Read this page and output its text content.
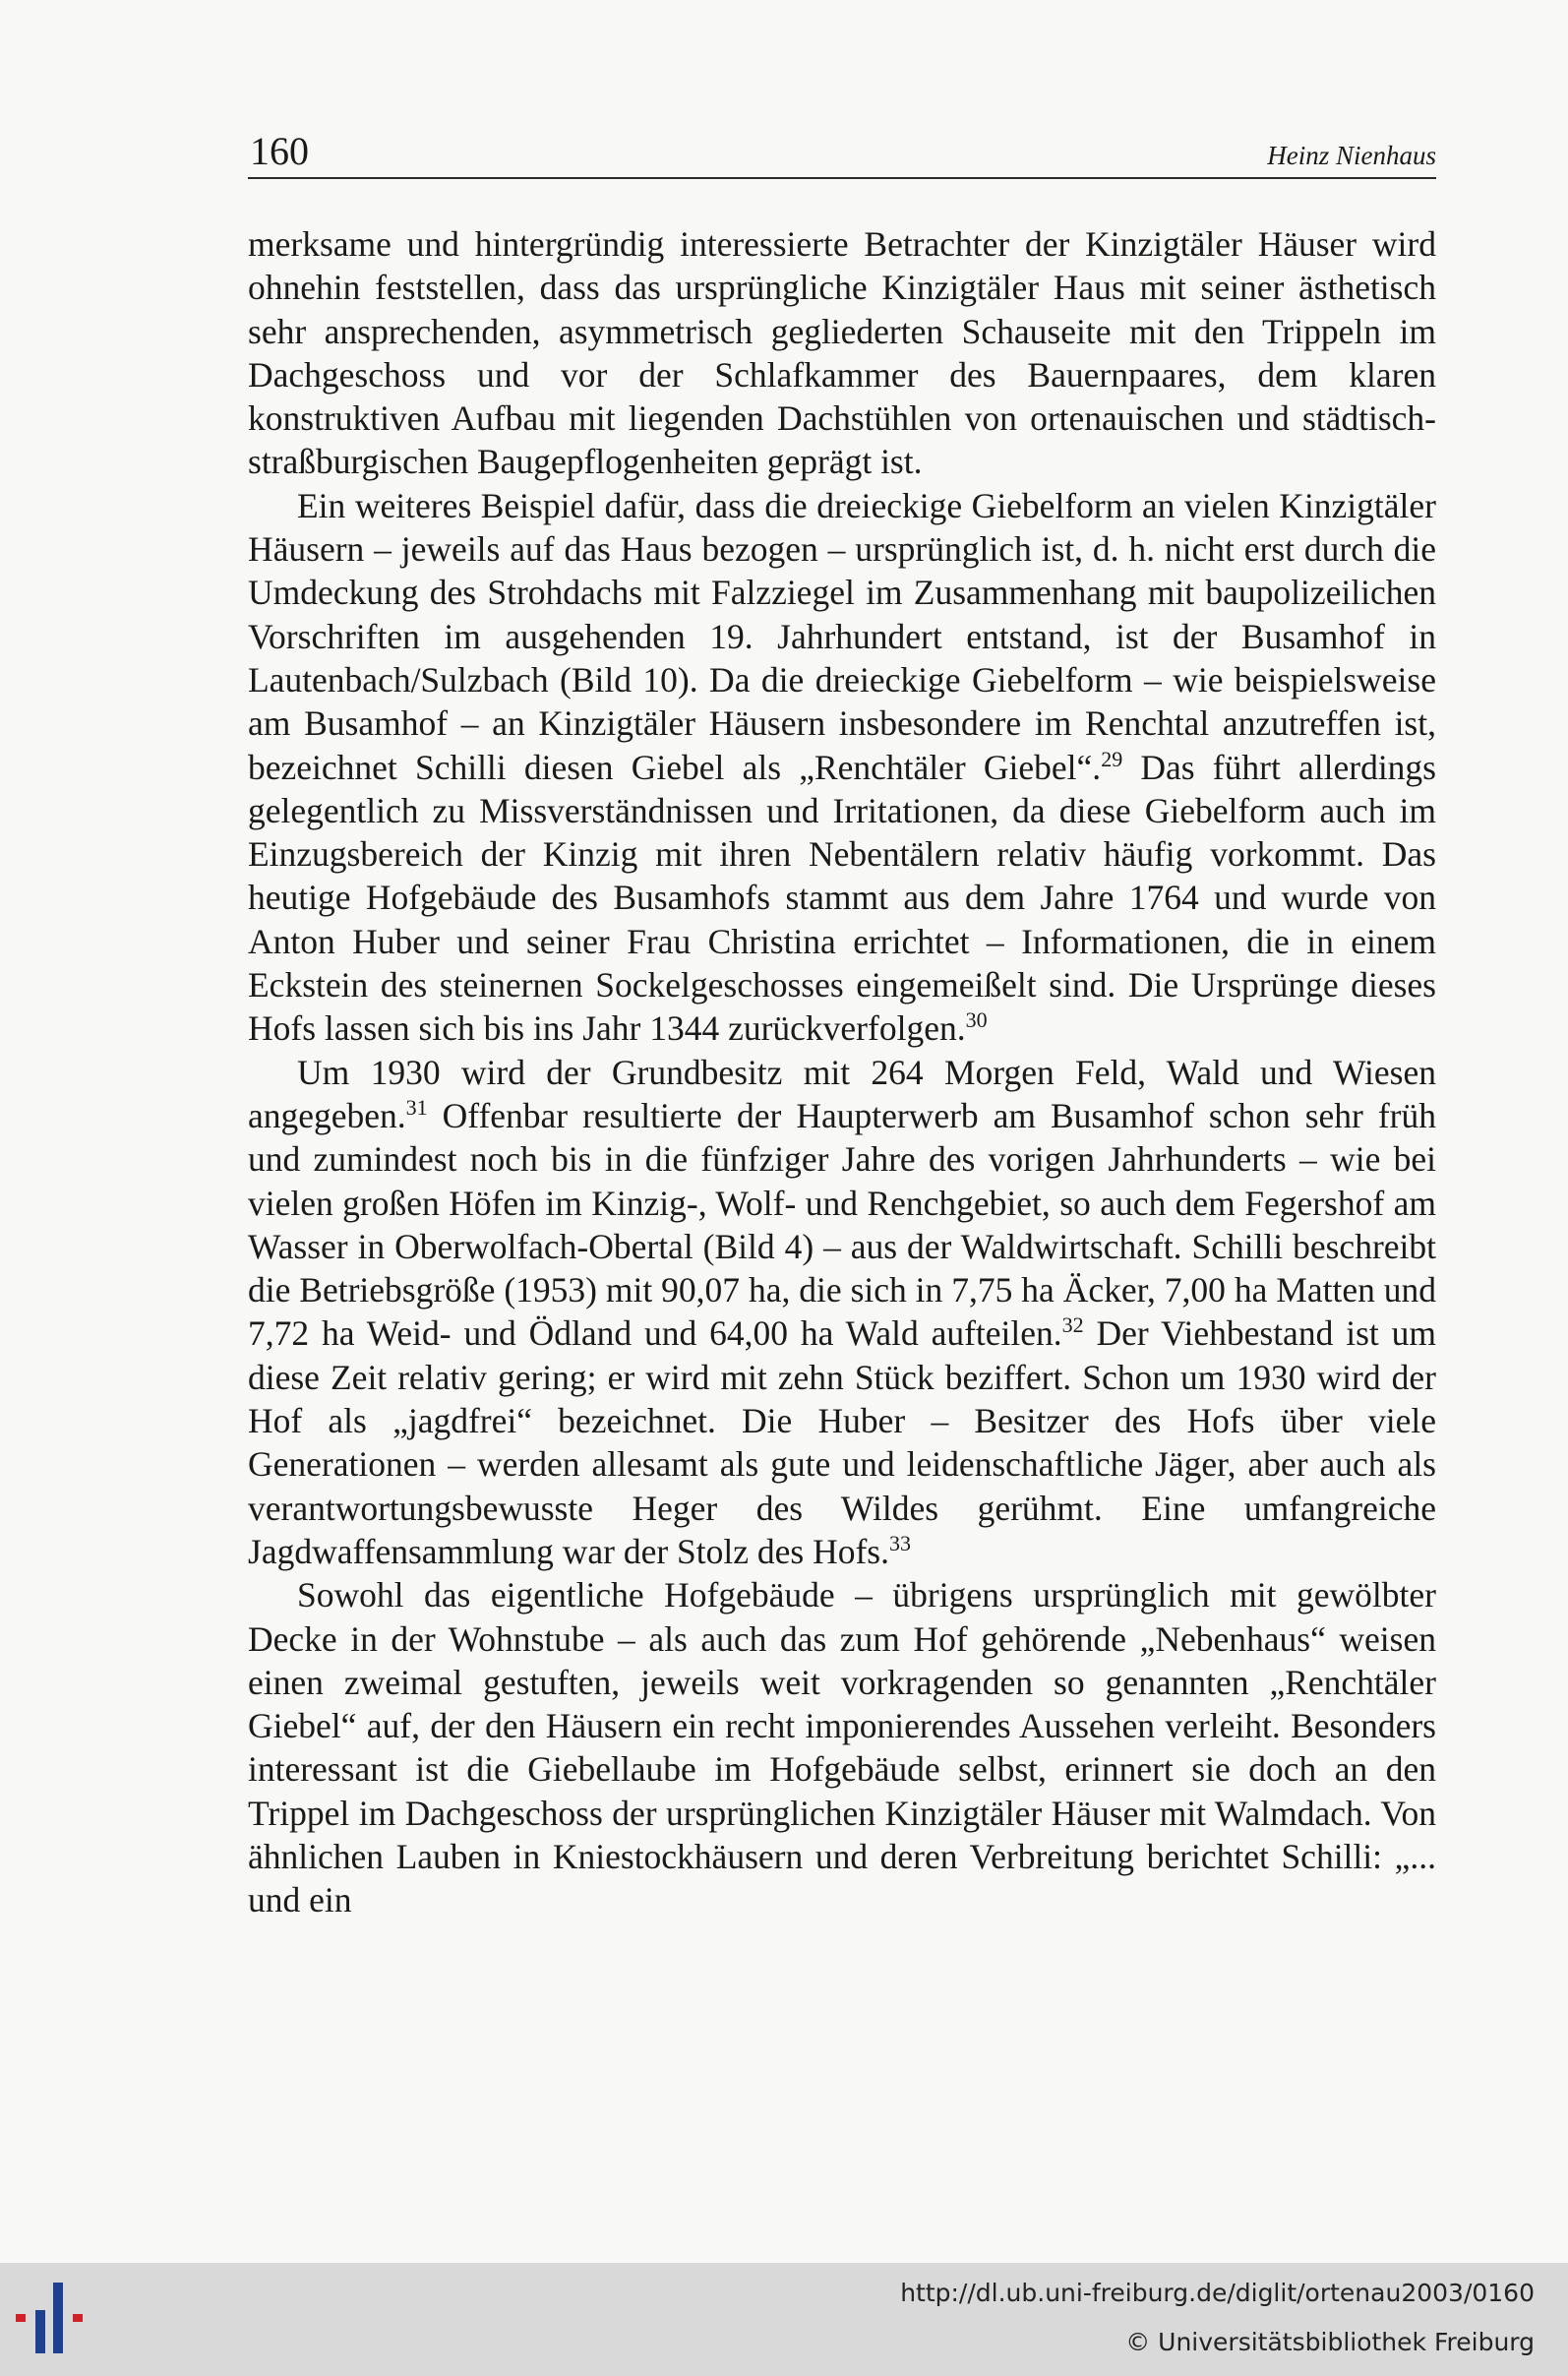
160	Heinz Nienhaus

merksame und hintergründig interessierte Betrachter der Kinzigtäler Häuser wird ohnehin feststellen, dass das ursprüngliche Kinzigtäler Haus mit seiner ästhetisch sehr ansprechenden, asymmetrisch gegliederten Schauseite mit den Trippeln im Dachgeschoss und vor der Schlafkammer des Bauernpaares, dem klaren konstruktiven Aufbau mit liegenden Dachstühlen von ortenauischen und städtisch-straßburgischen Baugepflogenheiten geprägt ist.

Ein weiteres Beispiel dafür, dass die dreieckige Giebelform an vielen Kinzigtäler Häusern – jeweils auf das Haus bezogen – ursprünglich ist, d. h. nicht erst durch die Umdeckung des Strohdachs mit Falzziegel im Zusammenhang mit baupolizeilichen Vorschriften im ausgehenden 19. Jahrhundert entstand, ist der Busamhof in Lautenbach/Sulzbach (Bild 10). Da die dreieckige Giebelform – wie beispielsweise am Busamhof – an Kinzigtäler Häusern insbesondere im Renchtal anzutreffen ist, bezeichnet Schilli diesen Giebel als „Renchtäler Giebel“.$^{29}$ Das führt allerdings gelegentlich zu Missverständnissen und Irritationen, da diese Giebelform auch im Einzugsbereich der Kinzig mit ihren Nebentälern relativ häufig vorkommt. Das heutige Hofgebäude des Busamhofs stammt aus dem Jahre 1764 und wurde von Anton Huber und seiner Frau Christina errichtet – Informationen, die in einem Eckstein des steinernen Sockelgeschosses eingemeißelt sind. Die Ursprünge dieses Hofs lassen sich bis ins Jahr 1344 zurückverfolgen.$^{30}$

Um 1930 wird der Grundbesitz mit 264 Morgen Feld, Wald und Wiesen angegeben.$^{31}$ Offenbar resultierte der Haupterwerb am Busamhof schon sehr früh und zumindest noch bis in die fünfziger Jahre des vorigen Jahrhunderts – wie bei vielen großen Höfen im Kinzig-, Wolf- und Renchgebiet, so auch dem Fegershof am Wasser in Oberwolfach-Obertal (Bild 4) – aus der Waldwirtschaft. Schilli beschreibt die Betriebsgröße (1953) mit 90,07 ha, die sich in 7,75 ha Äcker, 7,00 ha Matten und 7,72 ha Weid- und Ödland und 64,00 ha Wald aufteilen.$^{32}$ Der Viehbestand ist um diese Zeit relativ gering; er wird mit zehn Stück beziffert. Schon um 1930 wird der Hof als „jagdfrei“ bezeichnet. Die Huber – Besitzer des Hofs über viele Generationen – werden allesamt als gute und leidenschaftliche Jäger, aber auch als verantwortungsbewusste Heger des Wildes gerühmt. Eine umfangreiche Jagdwaffensammlung war der Stolz des Hofs.$^{33}$

Sowohl das eigentliche Hofgebäude – übrigens ursprünglich mit gewölbter Decke in der Wohnstube – als auch das zum Hof gehörende „Nebenhaus“ weisen einen zweimal gestuften, jeweils weit vorkragenden so genannten „Renchtäler Giebel“ auf, der den Häusern ein recht imponierendes Aussehen verleiht. Besonders interessant ist die Giebellaube im Hofgebäude selbst, erinnert sie doch an den Trippel im Dachgeschoss der ursprünglichen Kinzigtäler Häuser mit Walmdach. Von ähnlichen Lauben in Kniestockhäusern und deren Verbreitung berichtet Schilli: „... und ein

http://dl.ub.uni-freiburg.de/diglit/ortenau2003/0160
© Universitätsbibliothek Freiburg
